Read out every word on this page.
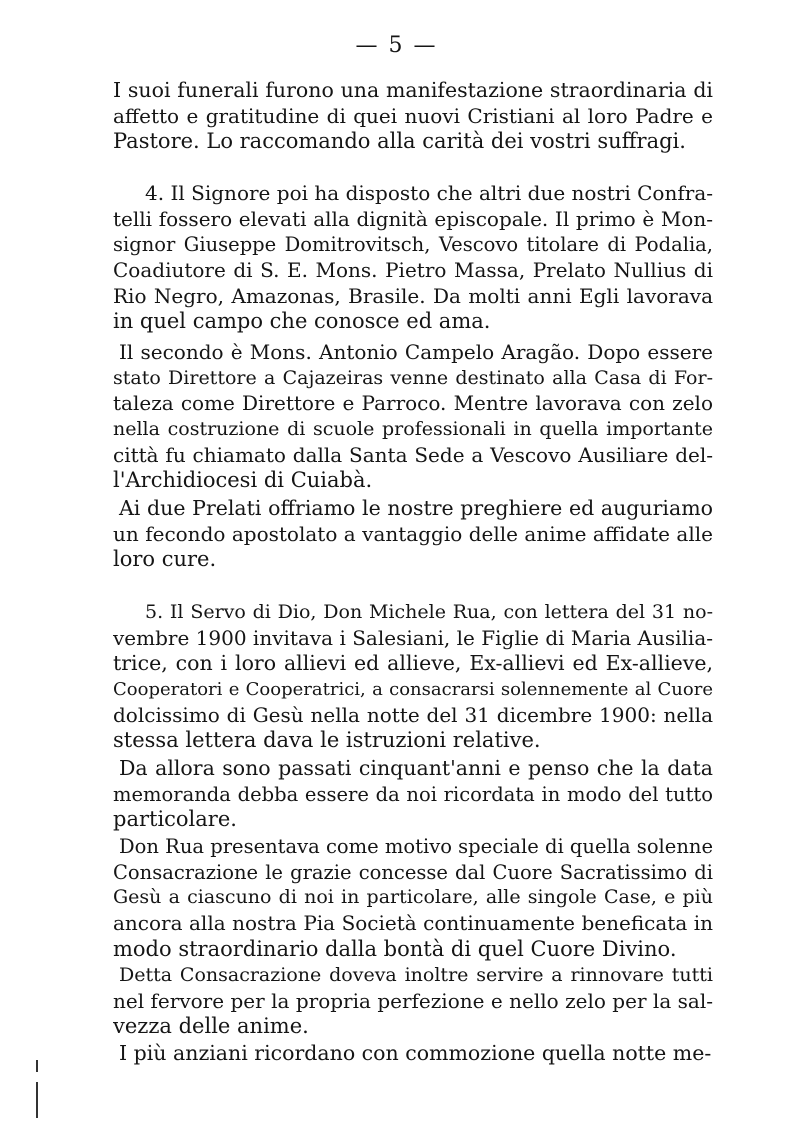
— 5 —
I suoi funerali furono una manifestazione straordinaria di
affetto e gratitudine di quei nuovi Cristiani al loro Padre e
Pastore. Lo raccomando alla carità dei vostri suffragi.
4. Il Signore poi ha disposto che altri due nostri Confra-
telli fossero elevati alla dignità episcopale. Il primo è Mon-
signor Giuseppe Domitrovitsch, Vescovo titolare di Podalia,
Coadiutore di S. E. Mons. Pietro Massa, Prelato Nullius di
Rio Negro, Amazonas, Brasile. Da molti anni Egli lavorava
in quel campo che conosce ed ama.
Il secondo è Mons. Antonio Campelo Aragão. Dopo essere
stato Direttore a Cajazeiras venne destinato alla Casa di For-
taleza come Direttore e Parroco. Mentre lavorava con zelo
nella costruzione di scuole professionali in quella importante
città fu chiamato dalla Santa Sede a Vescovo Ausiliare del-
l'Archidiocesi di Cuiabà.
Ai due Prelati offriamo le nostre preghiere ed auguriamo
un fecondo apostolato a vantaggio delle anime affidate alle
loro cure.
5. Il Servo di Dio, Don Michele Rua, con lettera del 31 no-
vembre 1900 invitava i Salesiani, le Figlie di Maria Ausilia-
trice, con i loro allievi ed allieve, Ex-allievi ed Ex-allieve,
Cooperatori e Cooperatrici, a consacrarsi solennemente al Cuore
dolcissimo di Gesù nella notte del 31 dicembre 1900: nella
stessa lettera dava le istruzioni relative.
Da allora sono passati cinquant'anni e penso che la data
memoranda debba essere da noi ricordata in modo del tutto
particolare.
Don Rua presentava come motivo speciale di quella solenne
Consacrazione le grazie concesse dal Cuore Sacratissimo di
Gesù a ciascuno di noi in particolare, alle singole Case, e più
ancora alla nostra Pia Società continuamente beneficata in
modo straordinario dalla bontà di quel Cuore Divino.
Detta Consacrazione doveva inoltre servire a rinnovare tutti
nel fervore per la propria perfezione e nello zelo per la sal-
vezza delle anime.
I più anziani ricordano con commozione quella notte me-
